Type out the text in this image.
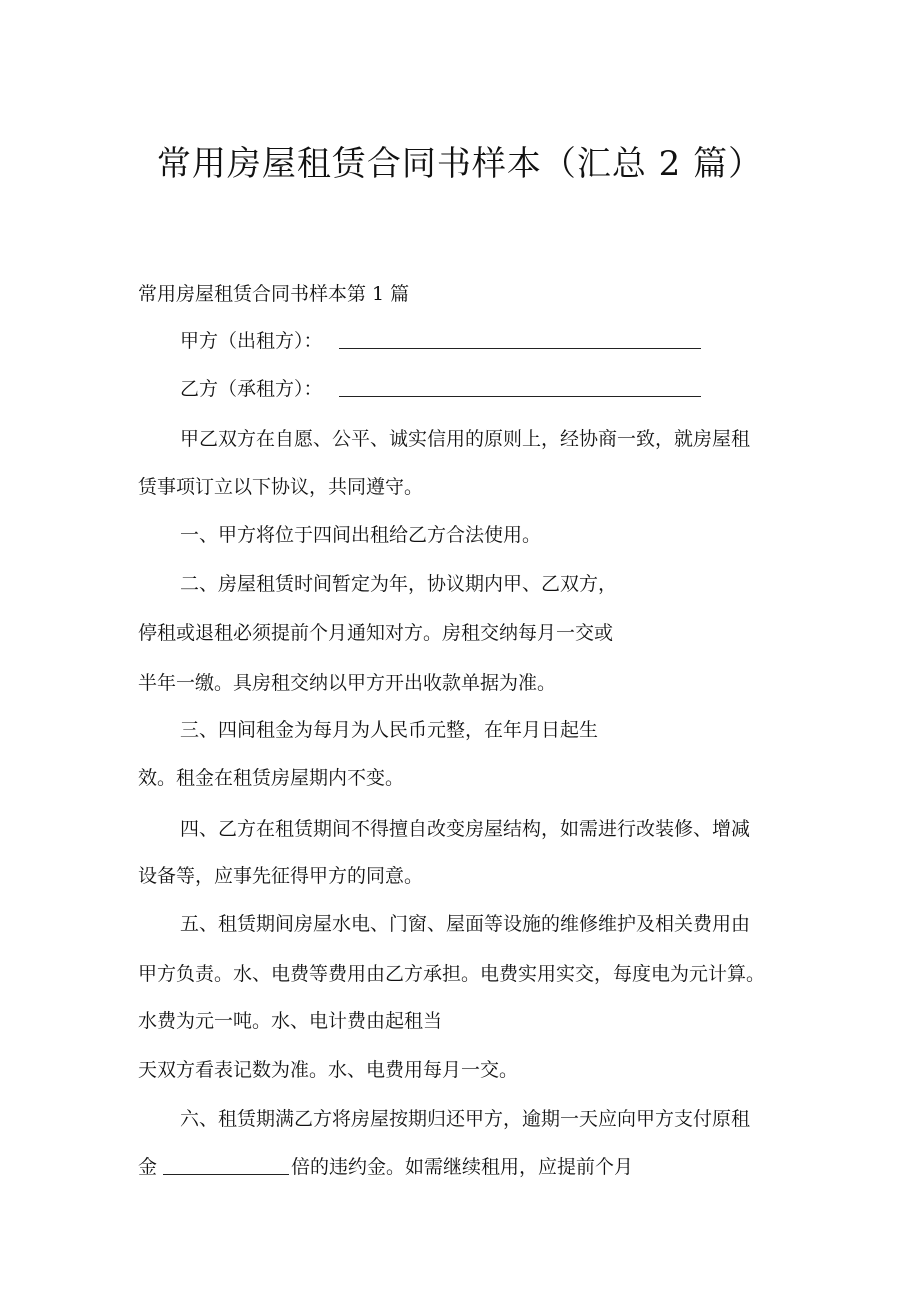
常用房屋租赁合同书样本（汇总 2 篇）
常用房屋租赁合同书样本第 1 篇
甲方（出租方）：
乙方（承租方）：
甲乙双方在自愿、公平、诚实信用的原则上，经协商一致，就房屋租
赁事项订立以下协议，共同遵守。
一、甲方将位于四间出租给乙方合法使用。
二、房屋租赁时间暂定为年，协议期内甲、乙双方，
停租或退租必须提前个月通知对方。房租交纳每月一交或
半年一缴。具房租交纳以甲方开出收款单据为准。
三、四间租金为每月为人民币元整，在年月日起生
效。租金在租赁房屋期内不变。
四、乙方在租赁期间不得擅自改变房屋结构，如需进行改装修、增减
设备等，应事先征得甲方的同意。
五、租赁期间房屋水电、门窗、屋面等设施的维修维护及相关费用由
甲方负责。水、电费等费用由乙方承担。电费实用实交，每度电为元计算。
水费为元一吨。水、电计费由起租当
天双方看表记数为准。水、电费用每月一交。
六、租赁期满乙方将房屋按期归还甲方，逾期一天应向甲方支付原租
金	倍的违约金。如需继续租用，应提前个月
